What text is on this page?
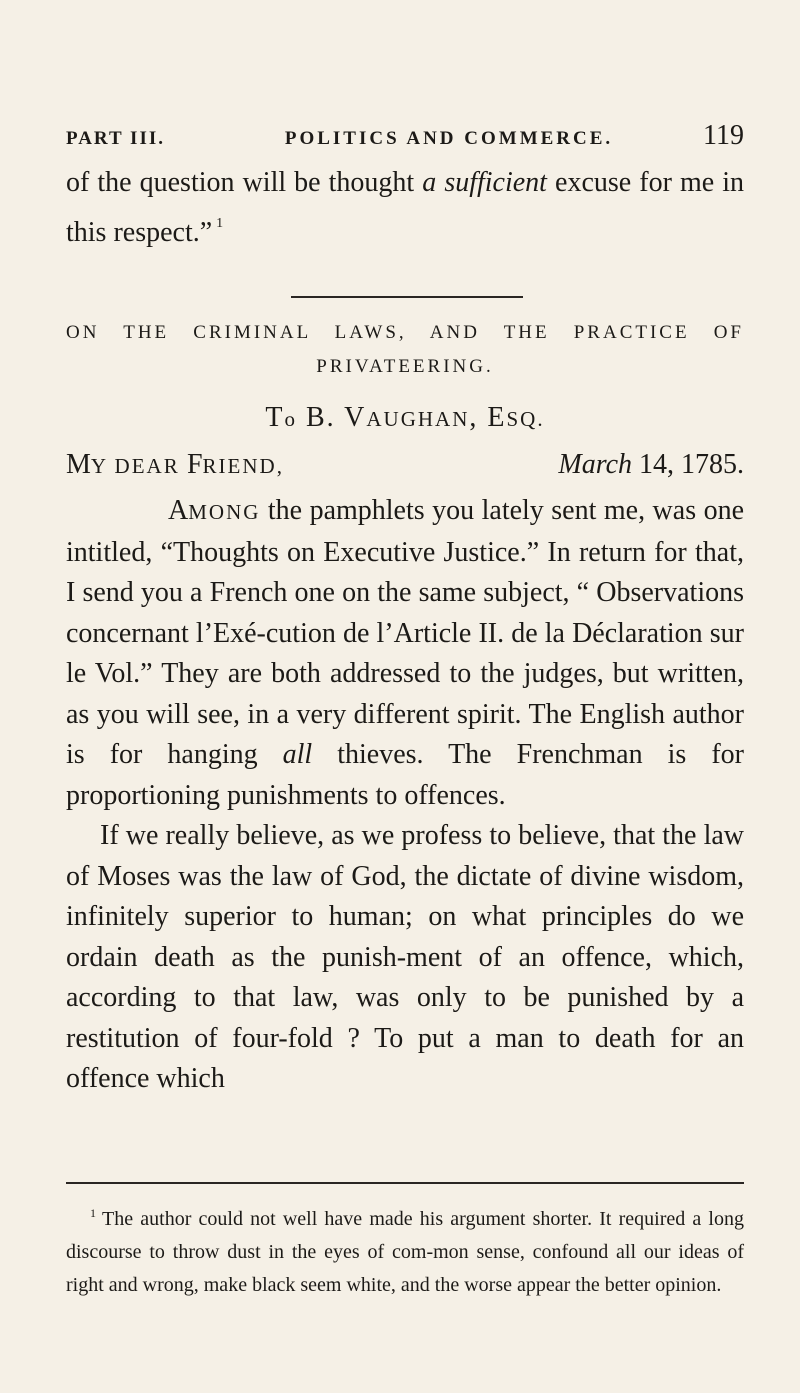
PART III.	POLITICS AND COMMERCE.	119
of the question will be thought a sufficient excuse for me in this respect.” $^1$
ON THE CRIMINAL LAWS, AND THE PRACTICE OF
PRIVATEERING.
To B. VAUGHAN, ESQ.
MY DEAR FRIEND,	March 14, 1785.

AMONG the pamphlets you lately sent me, was one intitled, “Thoughts on Executive Justice.” In return for that, I send you a French one on the same subject, “ Observations concernant l’Exé-cution de l’Article II. de la Déclaration sur le Vol.” They are both addressed to the judges, but written, as you will see, in a very different spirit. The English author is for hanging all thieves. The Frenchman is for proportioning punishments to offences.

If we really believe, as we profess to believe, that the law of Moses was the law of God, the dictate of divine wisdom, infinitely superior to human; on what principles do we ordain death as the punish-ment of an offence, which, according to that law, was only to be punished by a restitution of four-fold ? To put a man to death for an offence which

$^1$ The author could not well have made his argument shorter. It required a long discourse to throw dust in the eyes of com-mon sense, confound all our ideas of right and wrong, make black seem white, and the worse appear the better opinion.
